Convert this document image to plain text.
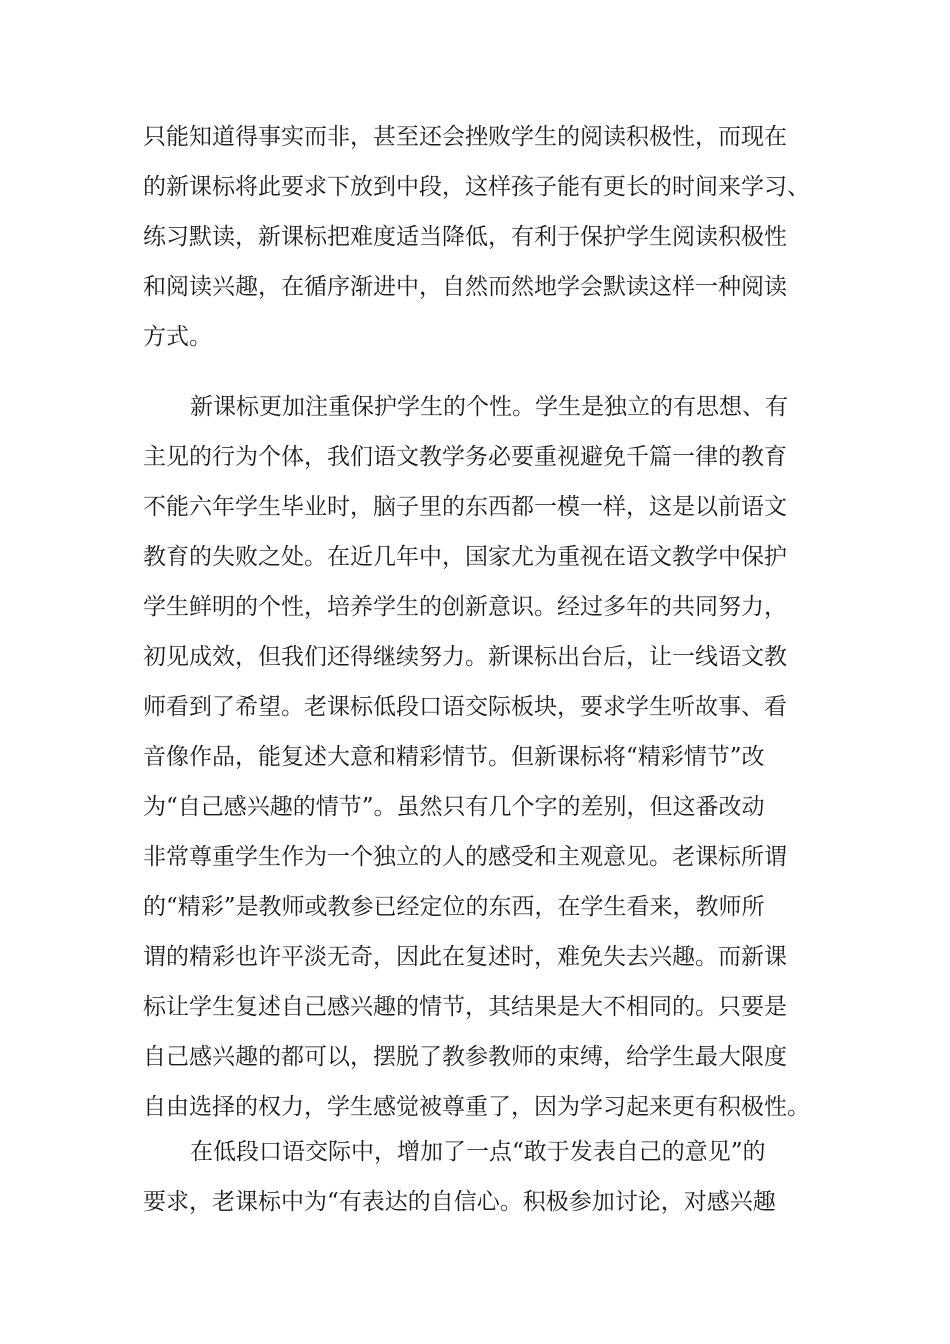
只能知道得事实而非，甚至还会挫败学生的阅读积极性，而现在
的新课标将此要求下放到中段，这样孩子能有更长的时间来学习、
练习默读，新课标把难度适当降低，有利于保护学生阅读积极性
和阅读兴趣，在循序渐进中，自然而然地学会默读这样一种阅读
方式。
新课标更加注重保护学生的个性。学生是独立的有思想、有
主见的行为个体，我们语文教学务必要重视避免千篇一律的教育
不能六年学生毕业时，脑子里的东西都一模一样，这是以前语文
教育的失败之处。在近几年中，国家尤为重视在语文教学中保护
学生鲜明的个性，培养学生的创新意识。经过多年的共同努力，
初见成效，但我们还得继续努力。新课标出台后，让一线语文教
师看到了希望。老课标低段口语交际板块，要求学生听故事、看
音像作品，能复述大意和精彩情节。但新课标将“精彩情节”改
为“自己感兴趣的情节”。虽然只有几个字的差别，但这番改动
非常尊重学生作为一个独立的人的感受和主观意见。老课标所谓
的“精彩”是教师或教参已经定位的东西，在学生看来，教师所
谓的精彩也许平淡无奇，因此在复述时，难免失去兴趣。而新课
标让学生复述自己感兴趣的情节，其结果是大不相同的。只要是
自己感兴趣的都可以，摆脱了教参教师的束缚，给学生最大限度
自由选择的权力，学生感觉被尊重了，因为学习起来更有积极性。
在低段口语交际中，增加了一点“敢于发表自己的意见”的
要求，老课标中为“有表达的自信心。积极参加讨论，对感兴趣
